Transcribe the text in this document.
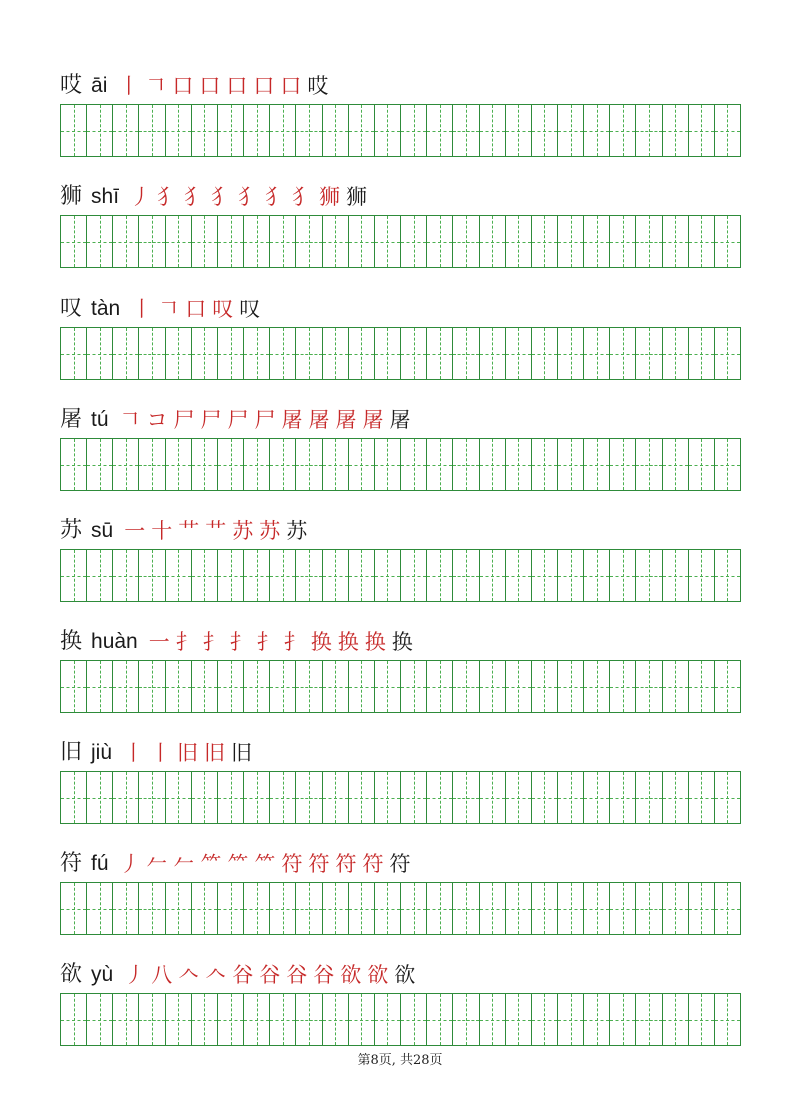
哎 āi 丨 𠃍 口 口 口 口 口 哎
狮 shī 丿 犭 犭 犭 犭 犭 犭 狮 狮
叹 tàn 丨 𠃍 口 叹 叹
屠 tú 𠃍 コ 尸 尸 尸 尸 屠 屠 屠 屠 屠
苏 sū 一 十 艹 艹 苏 苏 苏
换 huàn 一 扌 扌 扌 扌 扌 换 换 换 换
旧 jiù 丨 丨 旧 旧 旧
符 fú 丿 𠂉 𠂉 ⺮ ⺮ ⺮ 符 符 符 符 符
欲 yù 丿 八 𠆢 𠆢 谷 谷 谷 谷 欲 欲 欲
第8页, 共28页
